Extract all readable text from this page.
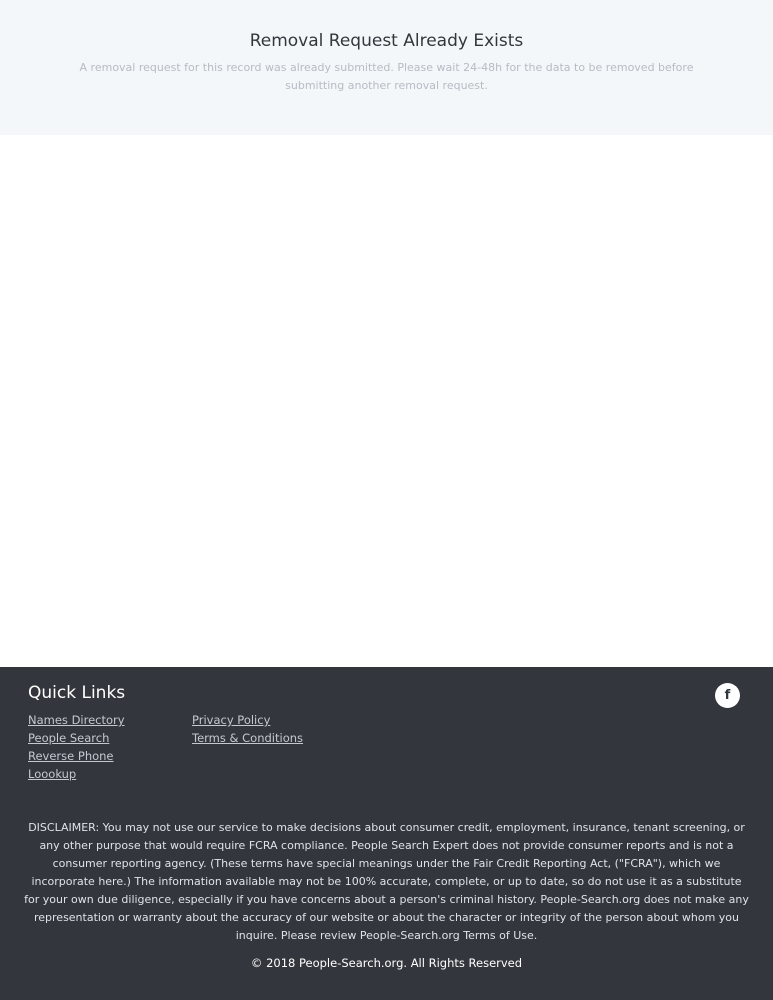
Removal Request Already Exists

A removal request for this record was already submitted. Please wait 24-48h for the data to be removed before submitting another removal request.

Quick Links	f
Names Directory
People Search
Reverse Phone Loookup
Privacy Policy
Terms & Conditions

DISCLAIMER: You may not use our service to make decisions about consumer credit, employment, insurance, tenant screening, or any other purpose that would require FCRA compliance. People Search Expert does not provide consumer reports and is not a consumer reporting agency. (These terms have special meanings under the Fair Credit Reporting Act, ("FCRA"), which we incorporate here.) The information available may not be 100% accurate, complete, or up to date, so do not use it as a substitute for your own due diligence, especially if you have concerns about a person's criminal history. People-Search.org does not make any representation or warranty about the accuracy of our website or about the character or integrity of the person about whom you inquire. Please review People-Search.org Terms of Use.

© 2018 People-Search.org. All Rights Reserved
